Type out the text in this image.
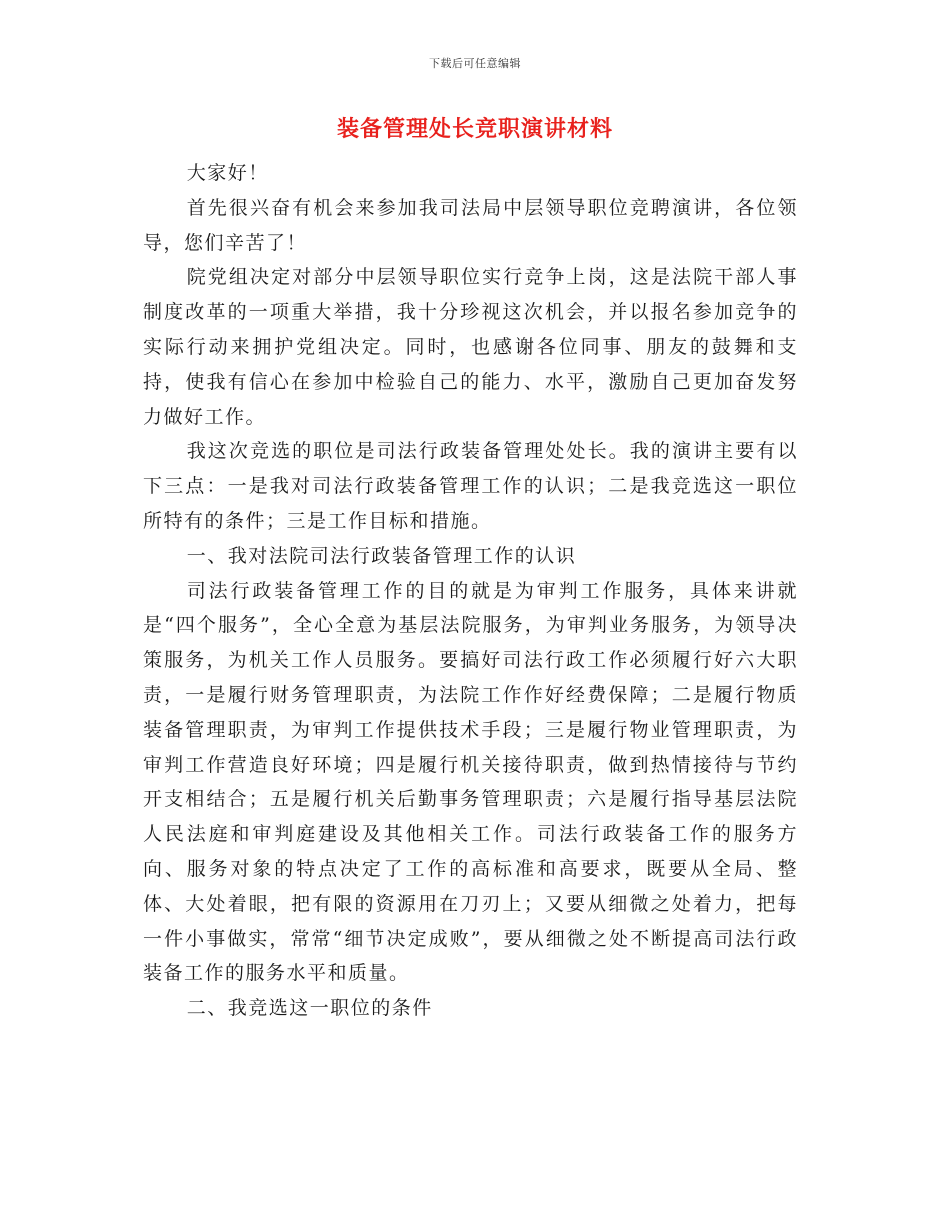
下载后可任意编辑
装备管理处长竞职演讲材料

大家好！

首先很兴奋有机会来参加我司法局中层领导职位竞聘演讲，各位领导，您们辛苦了！

院党组决定对部分中层领导职位实行竞争上岗，这是法院干部人事制度改革的一项重大举措，我十分珍视这次机会，并以报名参加竞争的实际行动来拥护党组决定。同时，也感谢各位同事、朋友的鼓舞和支持，使我有信心在参加中检验自己的能力、水平，激励自己更加奋发努力做好工作。

我这次竞选的职位是司法行政装备管理处处长。我的演讲主要有以下三点：一是我对司法行政装备管理工作的认识；二是我竞选这一职位所特有的条件；三是工作目标和措施。

一、我对法院司法行政装备管理工作的认识

司法行政装备管理工作的目的就是为审判工作服务，具体来讲就是“四个服务”，全心全意为基层法院服务，为审判业务服务，为领导决策服务，为机关工作人员服务。要搞好司法行政工作必须履行好六大职责，一是履行财务管理职责，为法院工作作好经费保障；二是履行物质装备管理职责，为审判工作提供技术手段；三是履行物业管理职责，为审判工作营造良好环境；四是履行机关接待职责，做到热情接待与节约开支相结合；五是履行机关后勤事务管理职责；六是履行指导基层法院人民法庭和审判庭建设及其他相关工作。司法行政装备工作的服务方向、服务对象的特点决定了工作的高标准和高要求，既要从全局、整体、大处着眼，把有限的资源用在刀刃上；又要从细微之处着力，把每一件小事做实，常常“细节决定成败”，要从细微之处不断提高司法行政装备工作的服务水平和质量。

二、我竞选这一职位的条件
